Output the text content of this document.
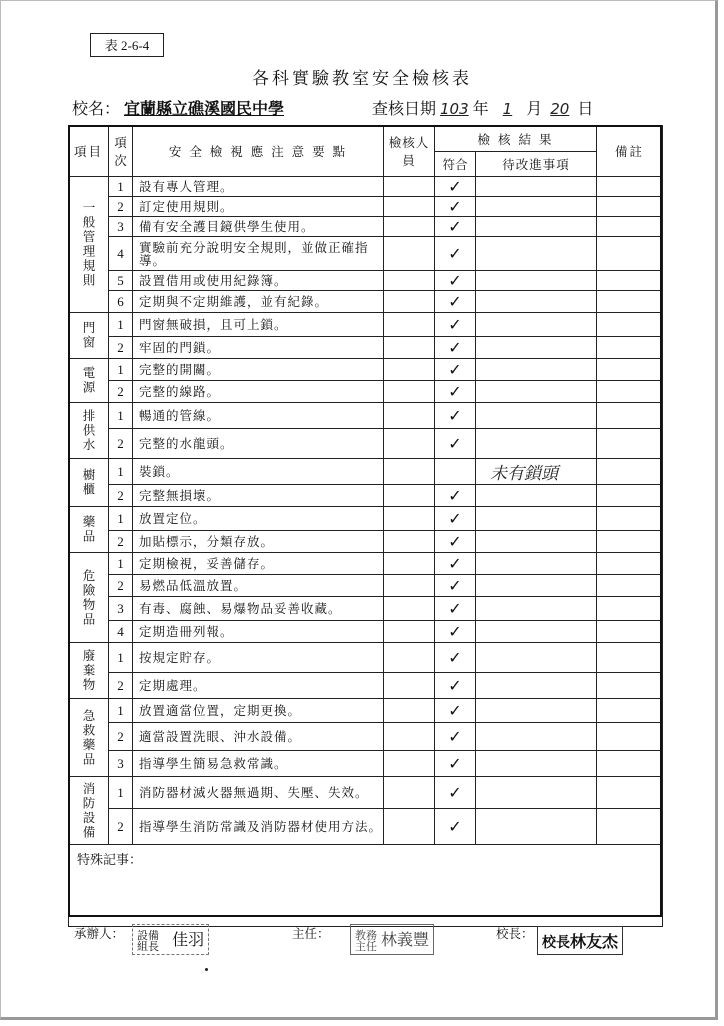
表 2-6-4
各科實驗教室安全檢核表
校名： 宜蘭縣立礁溪國民中學	查核日期 103 年 1 月 20 日
項目	項次	安 全 檢 視 應 注 意 要 點	檢核人員	檢 核 結 果		備註
				符合	待改進事項	
一般管理規則	1	設有專人管理。		✓		
	2	訂定使用規則。		✓		
	3	備有安全護目鏡供學生使用。		✓		
	4	實驗前充分說明安全規則，並做正確指導。		✓		
	5	設置借用或使用紀錄簿。		✓		
	6	定期與不定期維護，並有紀錄。		✓		
門窗	1	門窗無破損，且可上鎖。		✓		
	2	牢固的門鎖。		✓		
電源	1	完整的開關。		✓		
	2	完整的線路。		✓		
排供水	1	暢通的管線。		✓		
	2	完整的水龍頭。		✓		
櫥櫃	1	裝鎖。			未有鎖頭	
	2	完整無損壞。		✓		
藥品	1	放置定位。		✓		
	2	加貼標示，分類存放。		✓		
危險物品	1	定期檢視，妥善儲存。		✓		
	2	易燃品低溫放置。		✓		
	3	有毒、腐蝕、易爆物品妥善收藏。		✓		
	4	定期造冊列報。		✓		
廢棄物	1	按規定貯存。		✓		
	2	定期處理。		✓		
急救藥品	1	放置適當位置，定期更換。		✓		
	2	適當設置洗眼、沖水設備。		✓		
	3	指導學生簡易急救常識。		✓		
消防設備	1	消防器材滅火器無過期、失壓、失效。		✓		
	2	指導學生消防常識及消防器材使用方法。		✓		
特殊記事：						
承辦人：	設備組長 佳羽	主任：	教務主任 林義豐	校長：
校長林友杰
